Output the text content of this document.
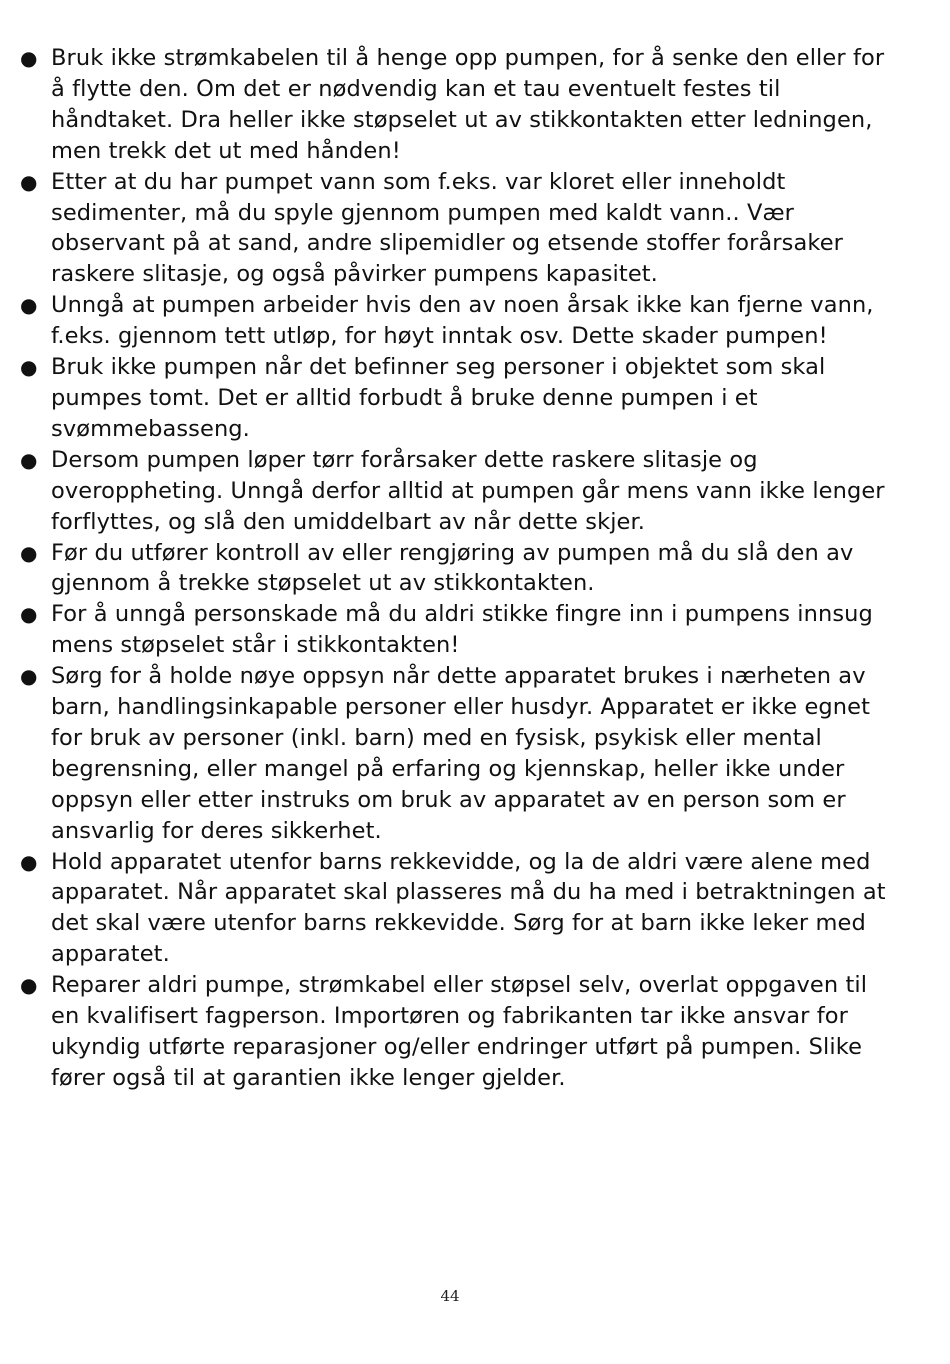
● Bruk ikke strømkabelen til å henge opp pumpen, for å senke den eller for å flytte den. Om det er nødvendig kan et tau eventuelt festes til håndtaket. Dra heller ikke støpselet ut av stikkontakten etter ledningen, men trekk det ut med hånden!
● Etter at du har pumpet vann som f.eks. var kloret eller inneholdt sedimenter, må du spyle gjennom pumpen med kaldt vann.. Vær observant på at sand, andre slipemidler og etsende stoffer forårsaker raskere slitasje, og også påvirker pumpens kapasitet.
● Unngå at pumpen arbeider hvis den av noen årsak ikke kan fjerne vann, f.eks. gjennom tett utløp, for høyt inntak osv. Dette skader pumpen!
● Bruk ikke pumpen når det befinner seg personer i objektet som skal pumpes tomt. Det er alltid forbudt å bruke denne pumpen i et svømmebasseng.
● Dersom pumpen løper tørr forårsaker dette raskere slitasje og overoppheting. Unngå derfor alltid at pumpen går mens vann ikke lenger forflyttes, og slå den umiddelbart av når dette skjer.
● Før du utfører kontroll av eller rengjøring av pumpen må du slå den av gjennom å trekke støpselet ut av stikkontakten.
● For å unngå personskade må du aldri stikke fingre inn i pumpens innsug mens støpselet står i stikkontakten!
● Sørg for å holde nøye oppsyn når dette apparatet brukes i nærheten av barn, handlingsinkapable personer eller husdyr. Apparatet er ikke egnet for bruk av personer (inkl. barn) med en fysisk, psykisk eller mental begrensning, eller mangel på erfaring og kjennskap, heller ikke under oppsyn eller etter instruks om bruk av apparatet av en person som er ansvarlig for deres sikkerhet.
● Hold apparatet utenfor barns rekkevidde, og la de aldri være alene med apparatet. Når apparatet skal plasseres må du ha med i betraktningen at det skal være utenfor barns rekkevidde. Sørg for at barn ikke leker med apparatet.
● Reparer aldri pumpe, strømkabel eller støpsel selv, overlat oppgaven til en kvalifisert fagperson. Importøren og fabrikanten tar ikke ansvar for ukyndig utførte reparasjoner og/eller endringer utført på pumpen. Slike fører også til at garantien ikke lenger gjelder.
44
